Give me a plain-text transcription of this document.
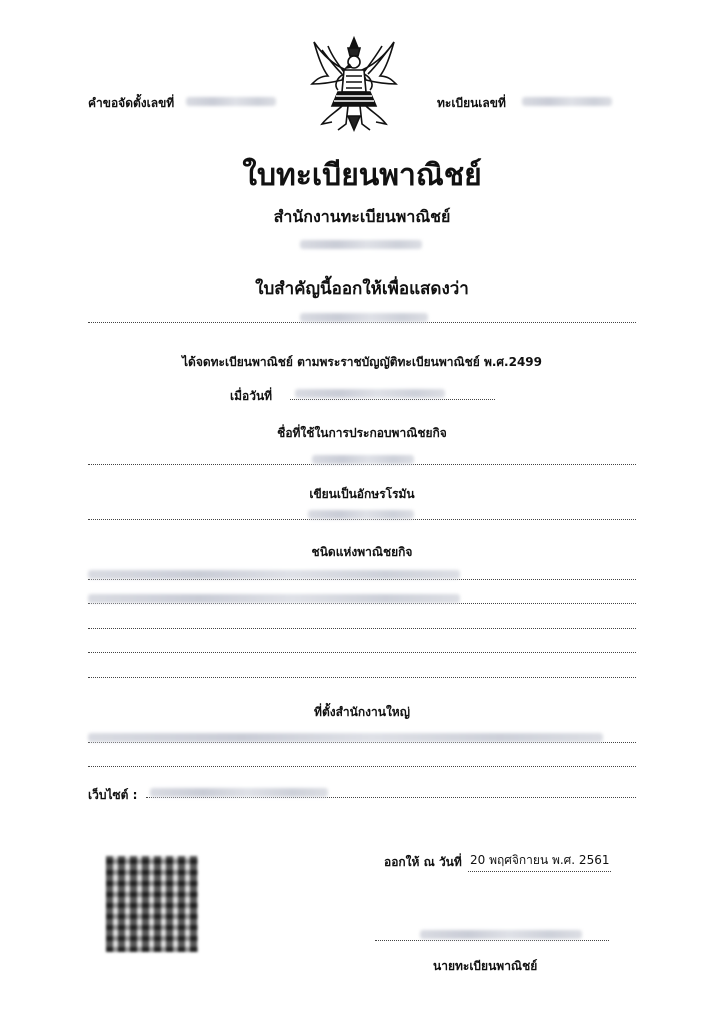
คำขอจัดตั้งเลขที่	ทะเบียนเลขที่
ใบทะเบียนพาณิชย์
สำนักงานทะเบียนพาณิชย์
ใบสำคัญนี้ออกให้เพื่อแสดงว่า
ได้จดทะเบียนพาณิชย์ ตามพระราชบัญญัติทะเบียนพาณิชย์ พ.ศ.2499
เมื่อวันที่
ชื่อที่ใช้ในการประกอบพาณิชยกิจ
เขียนเป็นอักษรโรมัน
ชนิดแห่งพาณิชยกิจ
ที่ตั้งสำนักงานใหญ่
เว็บไซต์ :
ออกให้ ณ วันที่ 20 พฤศจิกายน พ.ศ. 2561
นายทะเบียนพาณิชย์
